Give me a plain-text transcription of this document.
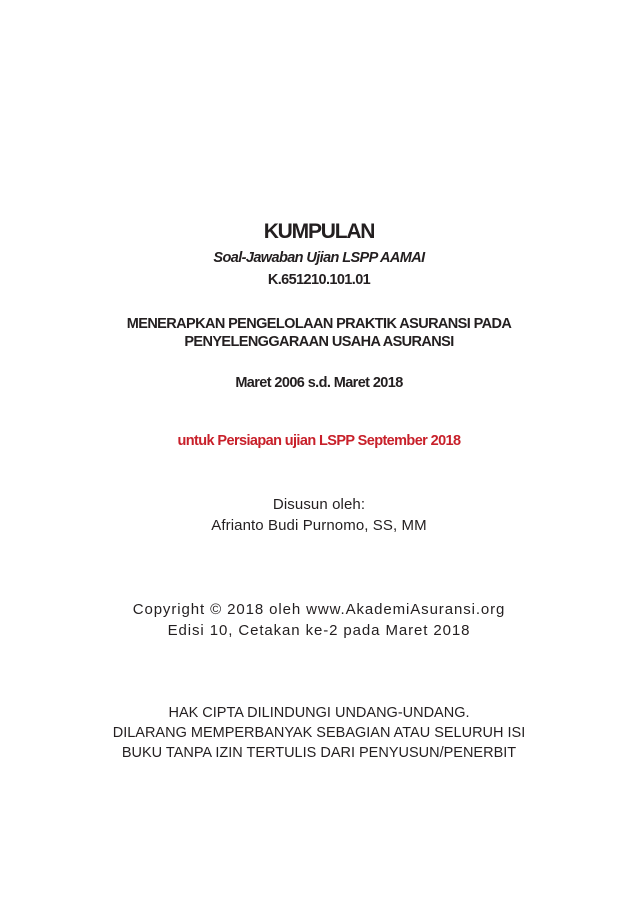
KUMPULAN
Soal-Jawaban Ujian LSPP AAMAI
K.651210.101.01
MENERAPKAN PENGELOLAAN PRAKTIK ASURANSI PADA
PENYELENGGARAAN USAHA ASURANSI
Maret 2006 s.d. Maret 2018
untuk Persiapan ujian LSPP September 2018
Disusun oleh:
Afrianto Budi Purnomo, SS, MM
Copyright © 2018 oleh www.AkademiAsuransi.org
Edisi 10, Cetakan ke-2 pada Maret 2018
HAK CIPTA DILINDUNGI UNDANG-UNDANG.
DILARANG MEMPERBANYAK SEBAGIAN ATAU SELURUH ISI
BUKU TANPA IZIN TERTULIS DARI PENYUSUN/PENERBIT
